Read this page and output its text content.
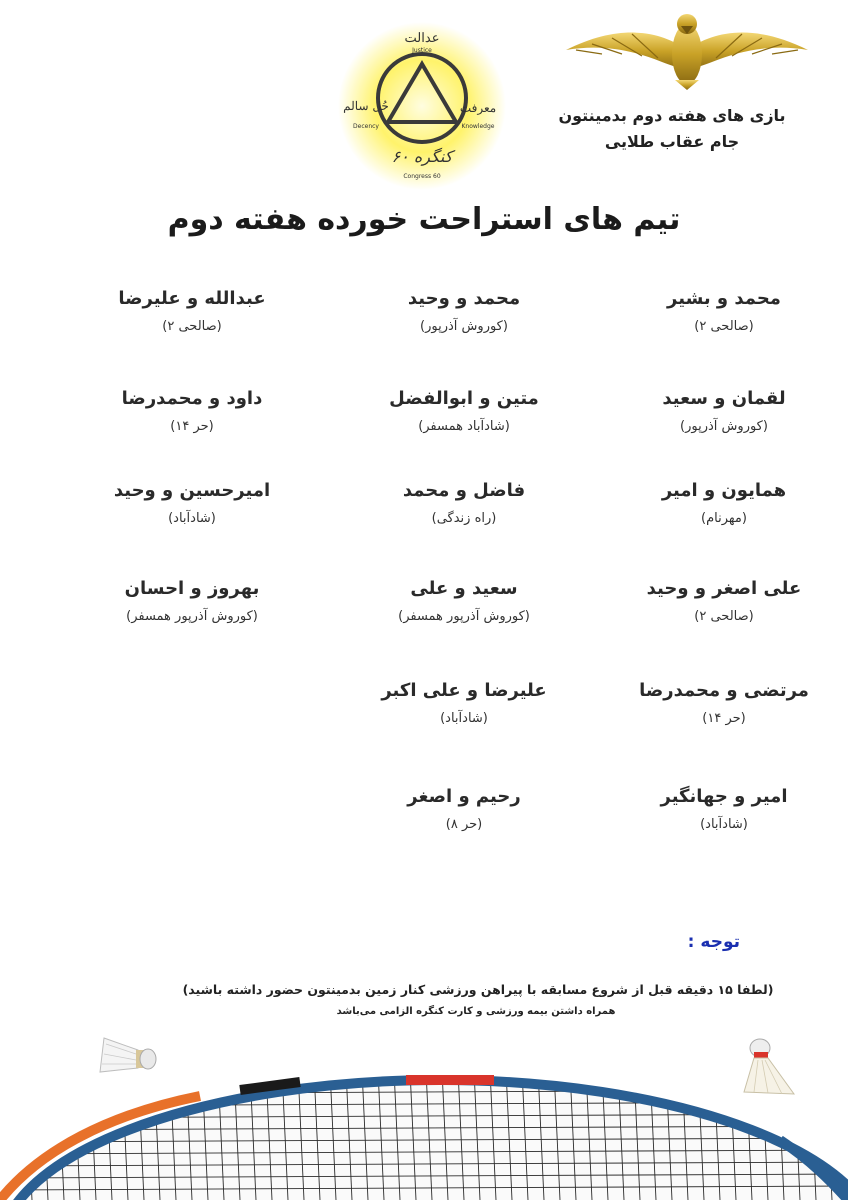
عدالت
Justice
حُل سالم
Decency
معرفت
Knowledge
کنگره ۶۰
Congress 60
بازی های هفته دوم بدمینتون
جام عقاب طلایی
تیم های استراحت خورده هفته دوم
محمد و بشیر
(صالحی ۲)
لقمان و سعید
(کوروش آذرپور)
همایون و امیر
(مهرنام)
علی اصغر و وحید
(صالحی ۲)
مرتضی و محمدرضا
(حر ۱۴)
امیر و جهانگیر
(شادآباد)
محمد و وحید
(کوروش آذرپور)
متین و ابوالفضل
(شادآباد همسفر)
فاضل و محمد
(راه زندگی)
سعید و علی
(کوروش آذرپور همسفر)
علیرضا و علی اکبر
(شادآباد)
رحیم و اصغر
(حر ۸)
عبدالله و علیرضا
(صالحی ۲)
داود و محمدرضا
(حر ۱۴)
امیرحسین و وحید
(شادآباد)
بهروز و احسان
(کوروش آذرپور همسفر)
توجه :
(لطفا ۱۵ دقیقه قبل از شروع مسابقه با پیراهن ورزشی کنار زمین بدمینتون حضور داشته باشید)
همراه داشتن بیمه ورزشی و کارت کنگره الزامی می‌باشد
